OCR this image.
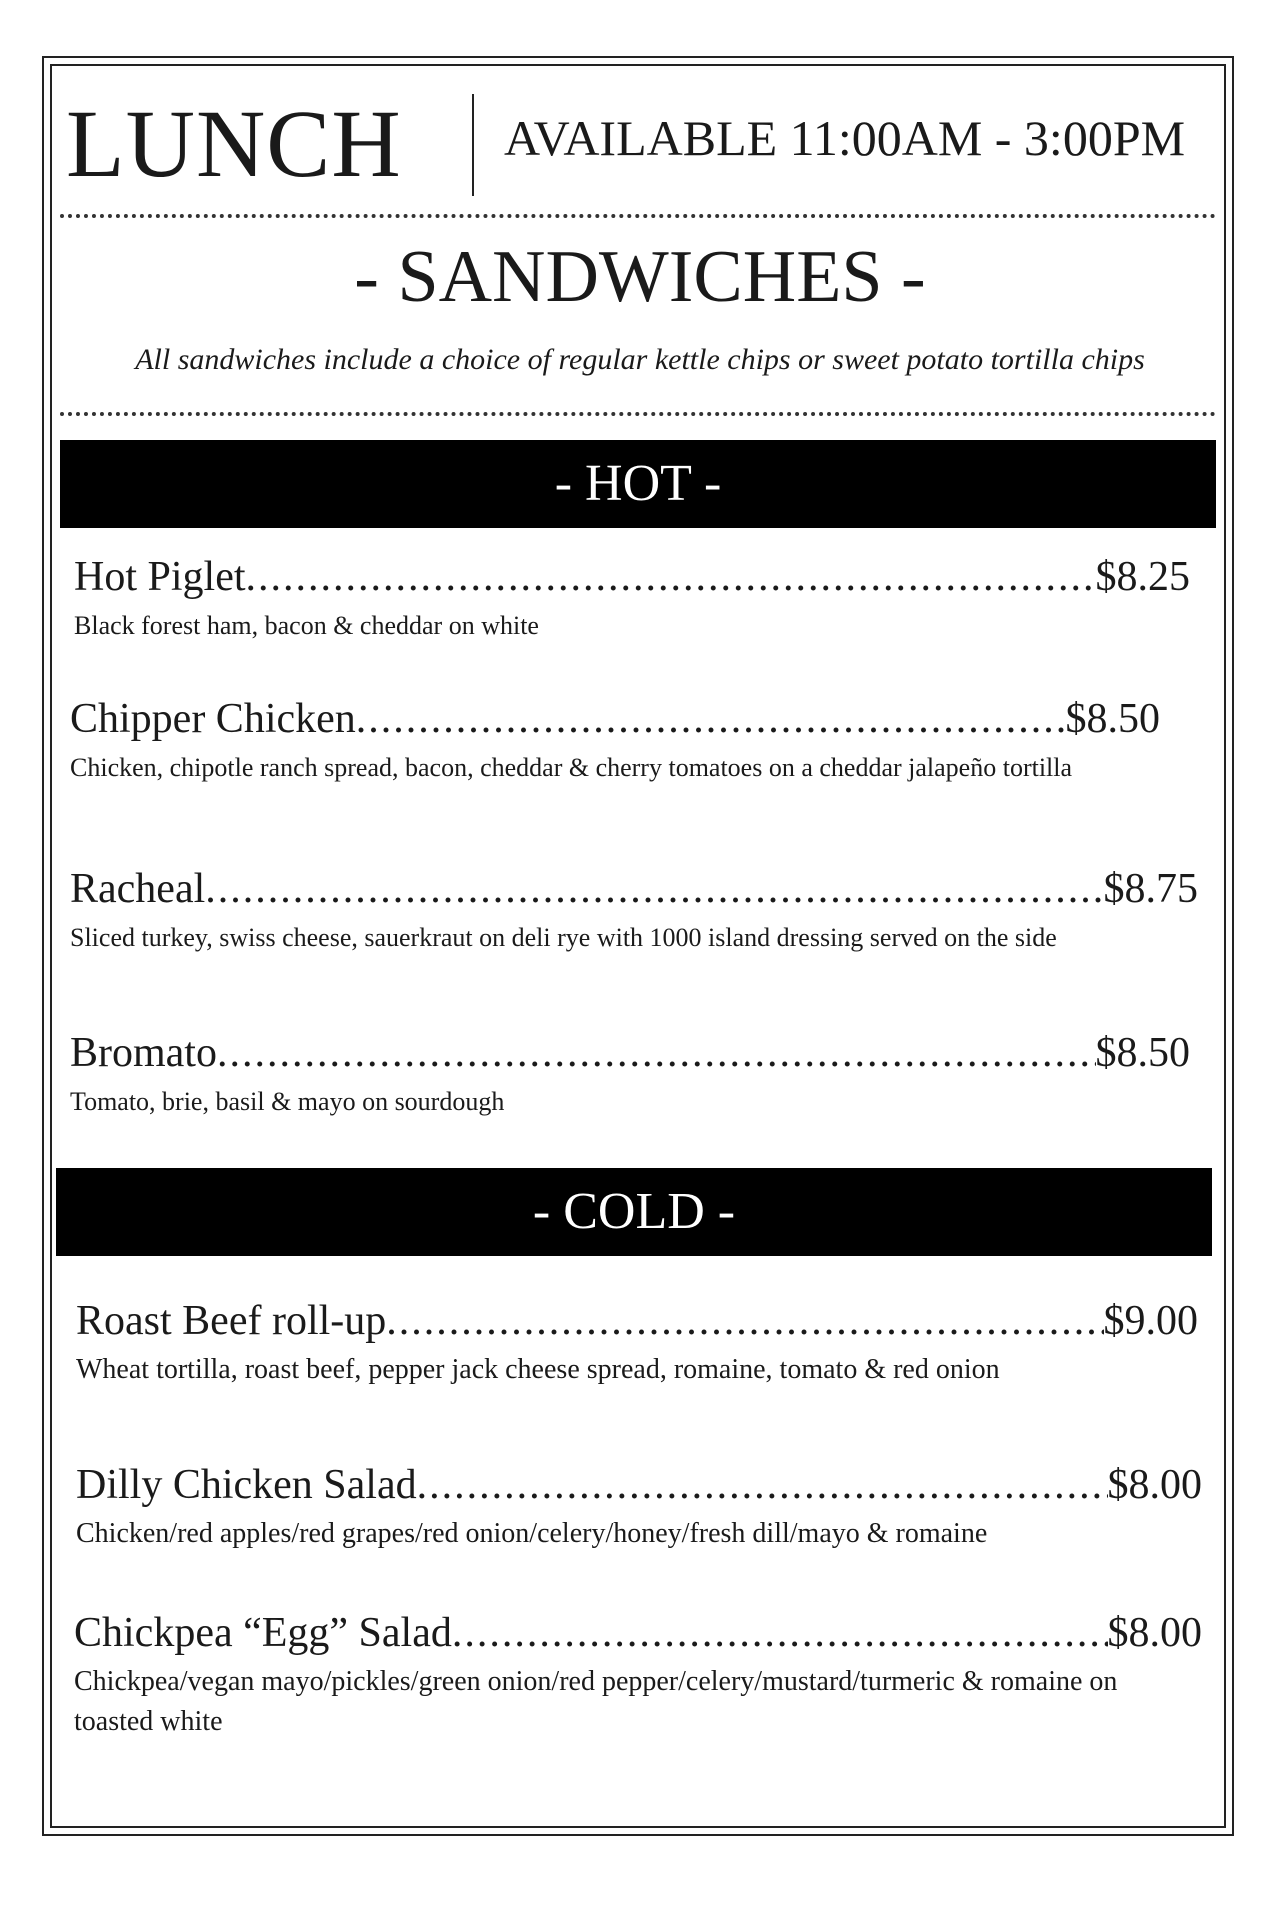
LUNCH AVAILABLE 11:00AM - 3:00PM
- SANDWICHES -
All sandwiches include a choice of regular kettle chips or sweet potato tortilla chips
- HOT -
Hot Piglet .....	$8.25
Black forest ham, bacon & cheddar on white
Chipper Chicken .....	$8.50
Chicken, chipotle ranch spread, bacon, cheddar & cherry tomatoes on a cheddar jalapeño tortilla
Racheal .....	$8.75
Sliced turkey, swiss cheese, sauerkraut on deli rye with 1000 island dressing served on the side
Bromato .....	$8.50
Tomato, brie, basil & mayo on sourdough
- COLD -
Roast Beef roll-up .....	$9.00
Wheat tortilla, roast beef, pepper jack cheese spread, romaine, tomato & red onion
Dilly Chicken Salad .....	$8.00
Chicken/red apples/red grapes/red onion/celery/honey/fresh dill/mayo & romaine
Chickpea “Egg” Salad .....	$8.00
Chickpea/vegan mayo/pickles/green onion/red pepper/celery/mustard/turmeric & romaine on toasted white
